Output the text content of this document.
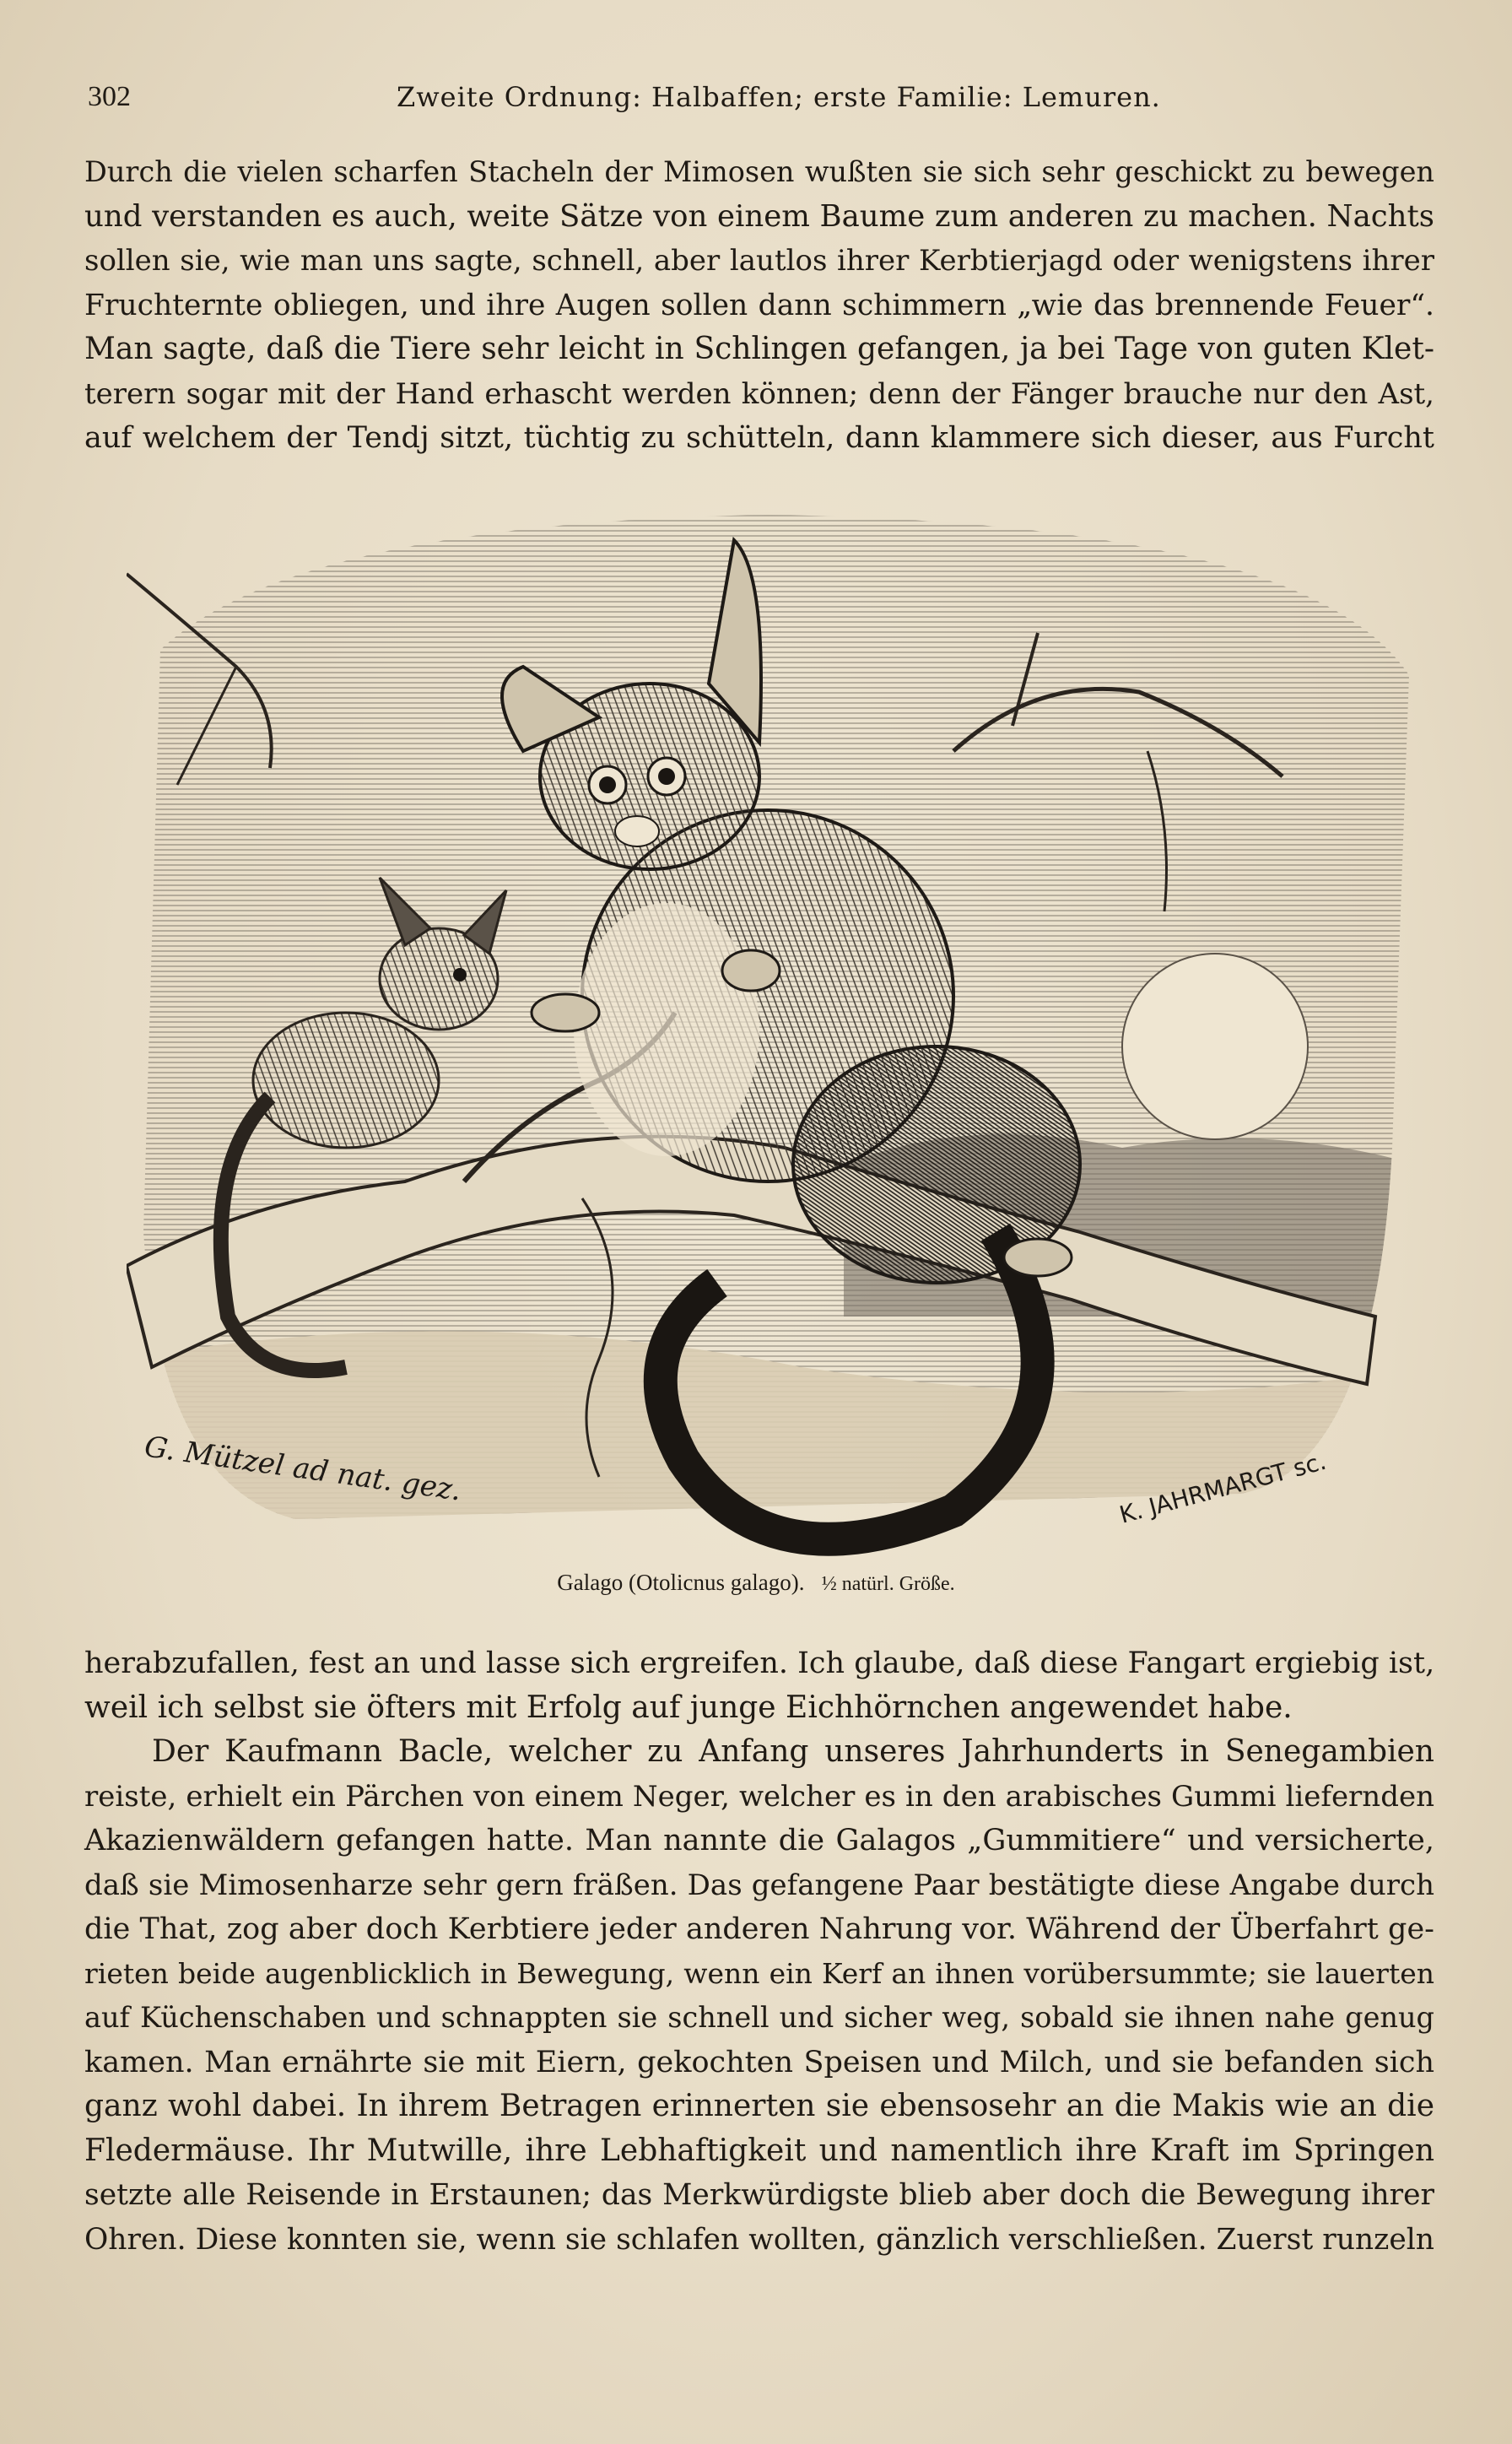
302	Zweite Ordnung: Halbaffen; erste Familie: Lemuren.
Durch die vielen scharfen Stacheln der Mimosen wußten sie sich sehr geschickt zu bewegen
und verstanden es auch, weite Sätze von einem Baume zum anderen zu machen. Nachts
sollen sie, wie man uns sagte, schnell, aber lautlos ihrer Kerbtierjagd oder wenigstens ihrer
Fruchternte obliegen, und ihre Augen sollen dann schimmern „wie das brennende Feuer“.
Man sagte, daß die Tiere sehr leicht in Schlingen gefangen, ja bei Tage von guten Klet-
terern sogar mit der Hand erhascht werden können; denn der Fänger brauche nur den Ast,
auf welchem der Tendj sitzt, tüchtig zu schütteln, dann klammere sich dieser, aus Furcht
G. Mützel ad nat. gez.	K. JAHRMARGT sc.
Galago (Otolicnus galago). ½ natürl. Größe.
herabzufallen, fest an und lasse sich ergreifen. Ich glaube, daß diese Fangart ergiebig ist,
weil ich selbst sie öfters mit Erfolg auf junge Eichhörnchen angewendet habe.
Der Kaufmann Bacle, welcher zu Anfang unseres Jahrhunderts in Senegambien
reiste, erhielt ein Pärchen von einem Neger, welcher es in den arabisches Gummi liefernden
Akazienwäldern gefangen hatte. Man nannte die Galagos „Gummitiere“ und versicherte,
daß sie Mimosenharze sehr gern fräßen. Das gefangene Paar bestätigte diese Angabe durch
die That, zog aber doch Kerbtiere jeder anderen Nahrung vor. Während der Überfahrt ge-
rieten beide augenblicklich in Bewegung, wenn ein Kerf an ihnen vorübersummte; sie lauerten
auf Küchenschaben und schnappten sie schnell und sicher weg, sobald sie ihnen nahe genug
kamen. Man ernährte sie mit Eiern, gekochten Speisen und Milch, und sie befanden sich
ganz wohl dabei. In ihrem Betragen erinnerten sie ebensosehr an die Makis wie an die
Fledermäuse. Ihr Mutwille, ihre Lebhaftigkeit und namentlich ihre Kraft im Springen
setzte alle Reisende in Erstaunen; das Merkwürdigste blieb aber doch die Bewegung ihrer
Ohren. Diese konnten sie, wenn sie schlafen wollten, gänzlich verschließen. Zuerst runzeln
